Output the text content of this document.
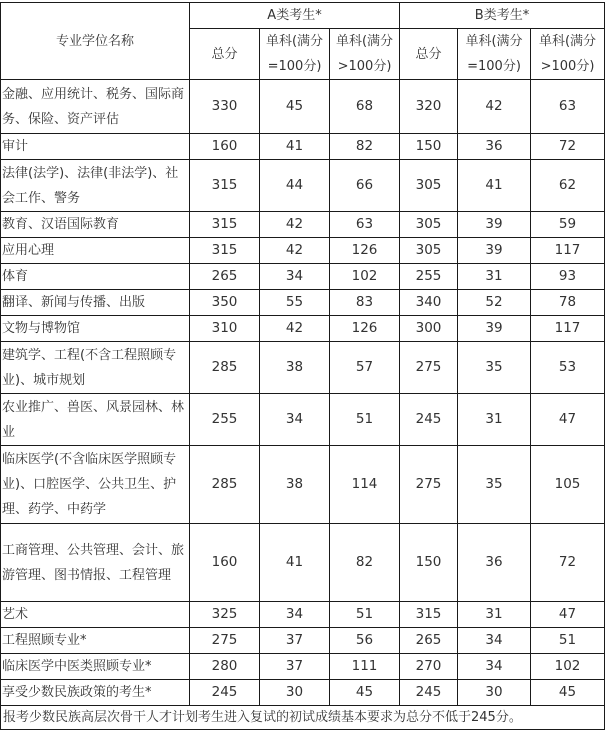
专业学位名称	A类考生*			B类考生*		
	总分	单科(满分=100分)	单科(满分>100分)	总分	单科(满分=100分)	单科(满分>100分)
金融、应用统计、税务、国际商务、保险、资产评估	330	45	68	320	42	63
审计	160	41	82	150	36	72
法律(法学)、法律(非法学)、社会工作、警务	315	44	66	305	41	62
教育、汉语国际教育	315	42	63	305	39	59
应用心理	315	42	126	305	39	117
体育	265	34	102	255	31	93
翻译、新闻与传播、出版	350	55	83	340	52	78
文物与博物馆	310	42	126	300	39	117
建筑学、工程(不含工程照顾专业)、城市规划	285	38	57	275	35	53
农业推广、兽医、风景园林、林业	255	34	51	245	31	47
临床医学(不含临床医学照顾专业)、口腔医学、公共卫生、护理、药学、中药学	285	38	114	275	35	105
工商管理、公共管理、会计、旅游管理、图书情报、工程管理	160	41	82	150	36	72
艺术	325	34	51	315	31	47
工程照顾专业*	275	37	56	265	34	51
临床医学中医类照顾专业*	280	37	111	270	34	102
享受少数民族政策的考生*	245	30	45	245	30	45
报考少数民族高层次骨干人才计划考生进入复试的初试成绩基本要求为总分不低于245分。						
